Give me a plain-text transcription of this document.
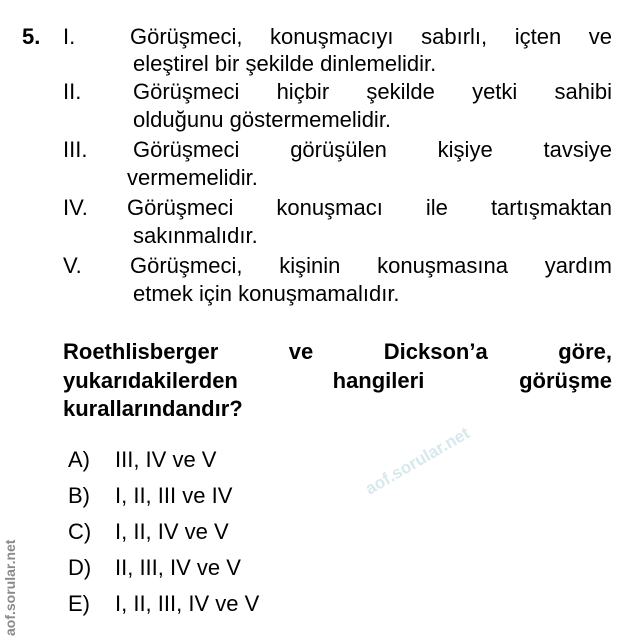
aof.sorular.net
aof.sorular.net
5. I. Görüşmeci, konuşmacıyı sabırlı, içten ve
eleştirel bir şekilde dinlemelidir.
II. Görüşmeci hiçbir şekilde yetki sahibi
olduğunu göstermemelidir.
III. Görüşmeci görüşülen kişiye tavsiye
vermemelidir.
IV. Görüşmeci konuşmacı ile tartışmaktan
sakınmalıdır.
V. Görüşmeci, kişinin konuşmasına yardım
etmek için konuşmamalıdır.
Roethlisberger ve Dickson’a göre,
yukarıdakilerden hangileri görüşme
kurallarındandır?
A) III, IV ve V
B) I, II, III ve IV
C) I, II, IV ve V
D) II, III, IV ve V
E) I, II, III, IV ve V
